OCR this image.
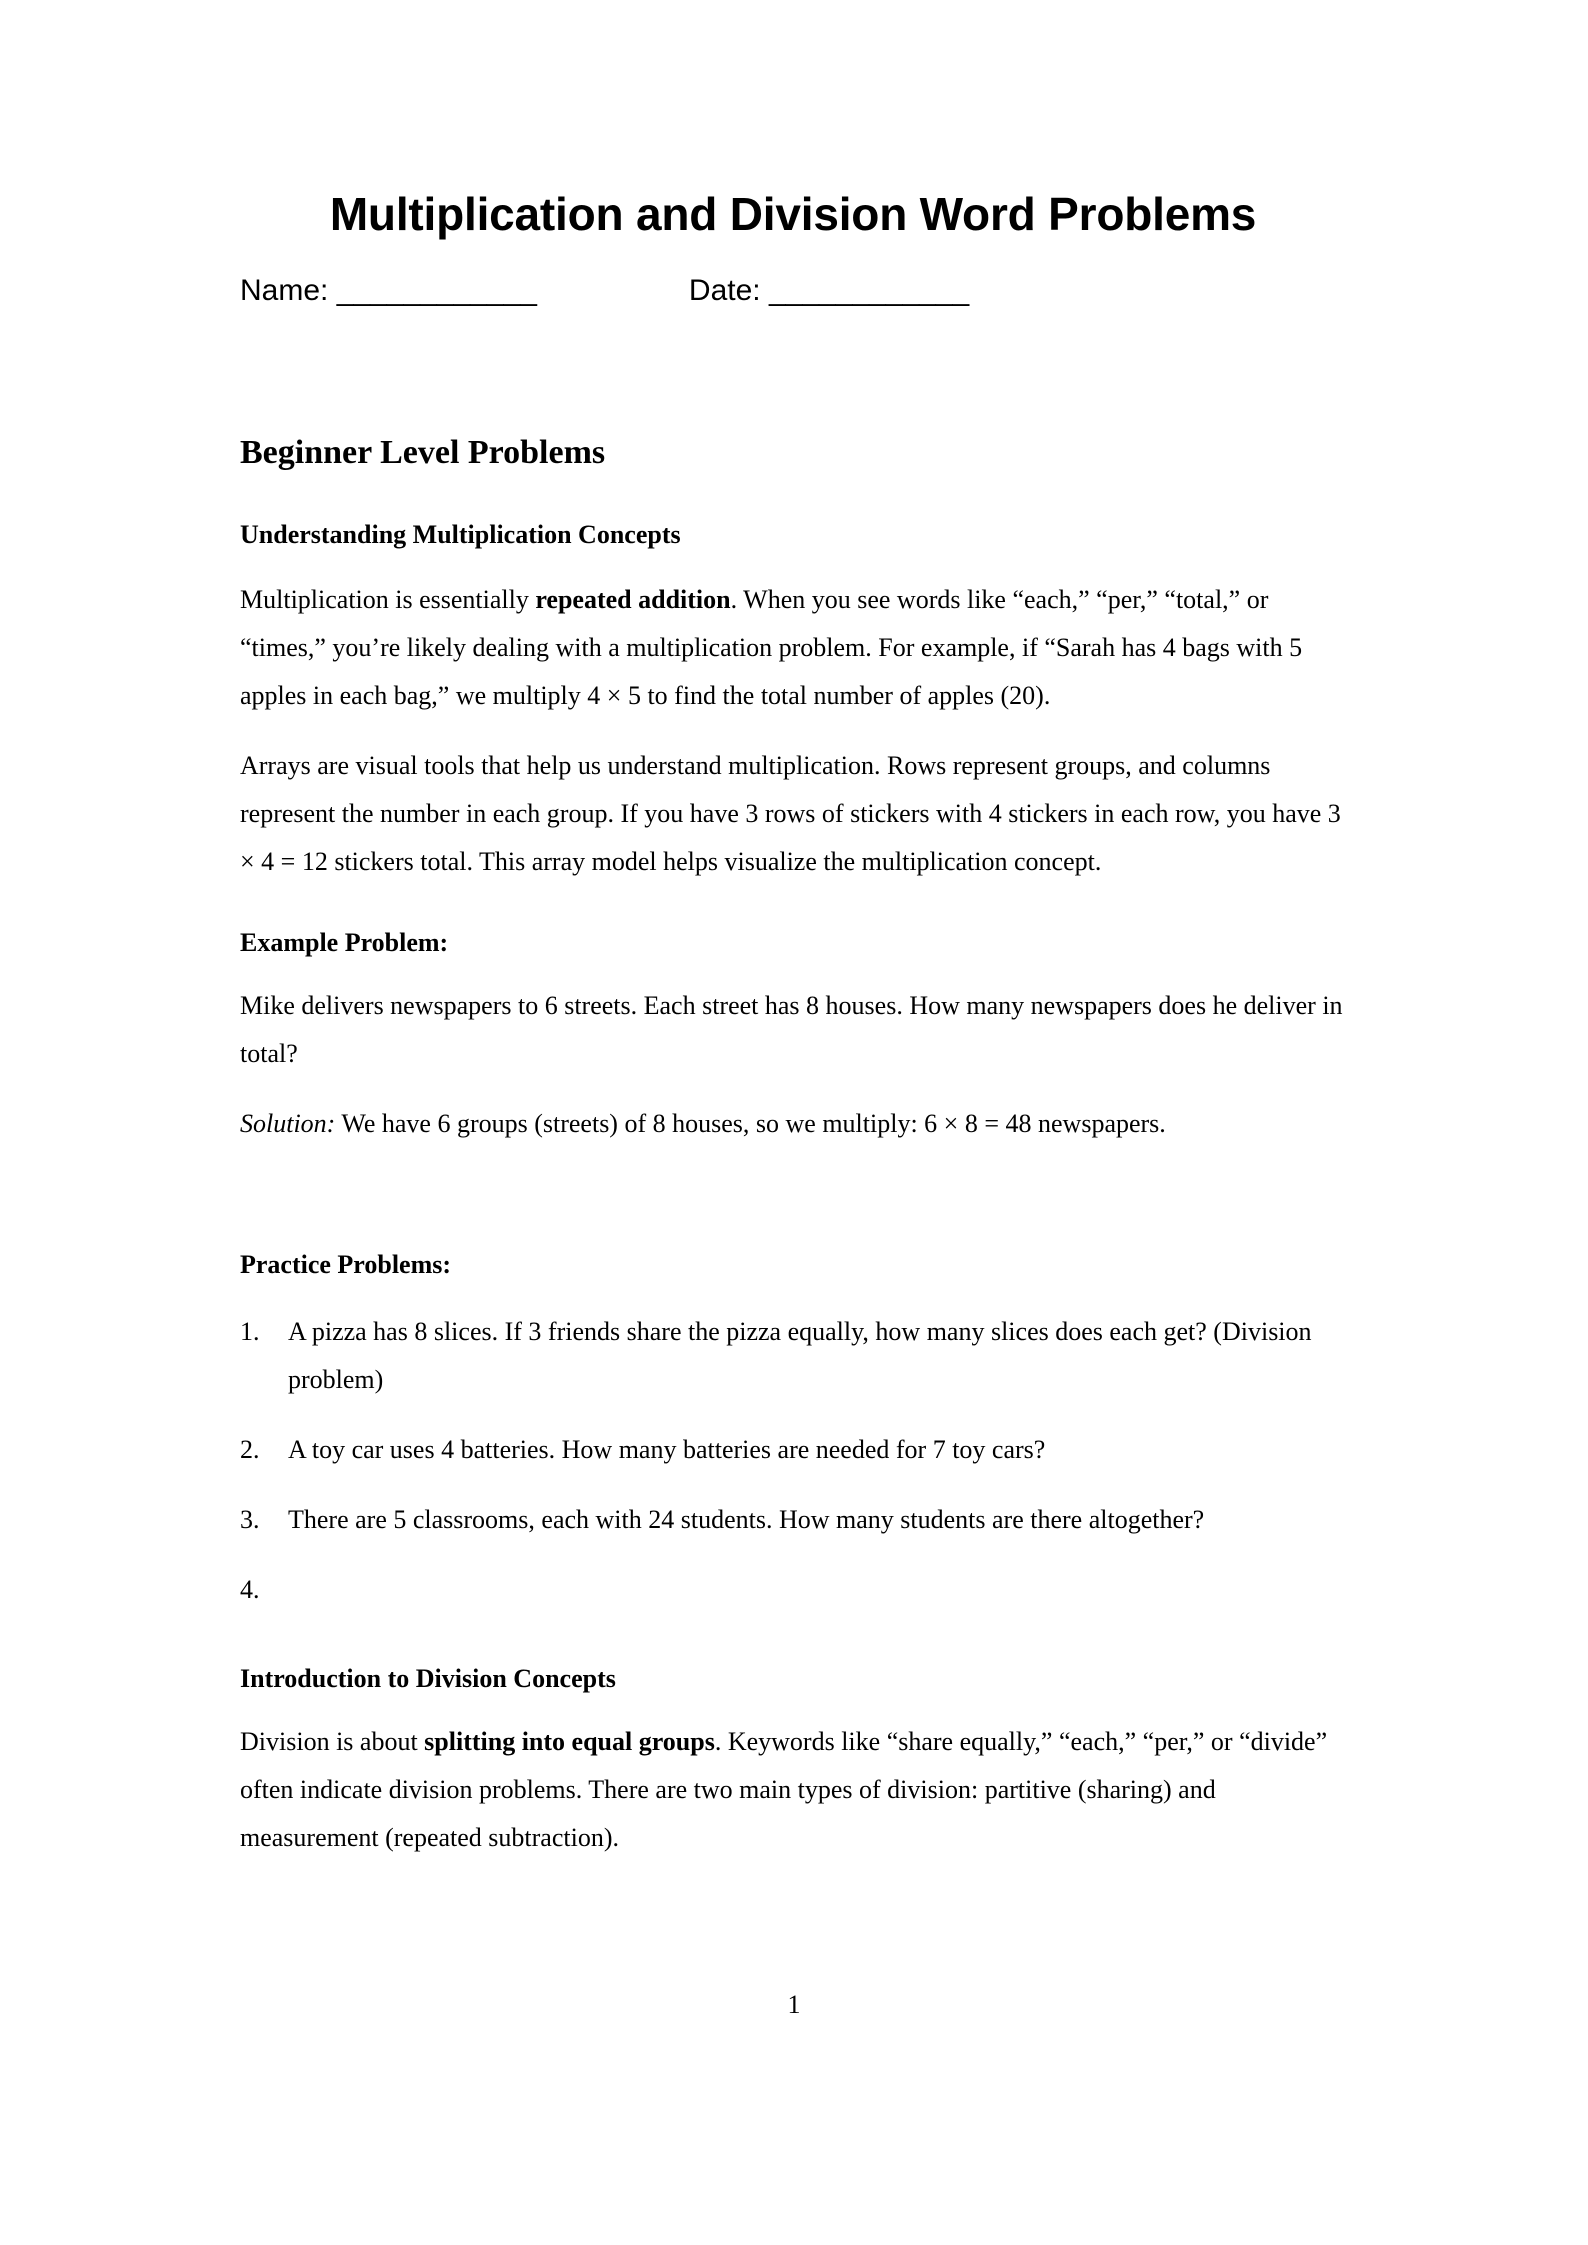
Multiplication and Division Word Problems
Name: ____________	Date: ____________
Beginner Level Problems
Understanding Multiplication Concepts

Multiplication is essentially repeated addition. When you see words like “each,” “per,” “total,” or “times,” you’re likely dealing with a multiplication problem. For example, if “Sarah has 4 bags with 5 apples in each bag,” we multiply 4 × 5 to find the total number of apples (20).

Arrays are visual tools that help us understand multiplication. Rows represent groups, and columns represent the number in each group. If you have 3 rows of stickers with 4 stickers in each row, you have 3 × 4 = 12 stickers total. This array model helps visualize the multiplication concept.

Example Problem:

Mike delivers newspapers to 6 streets. Each street has 8 houses. How many newspapers does he deliver in total?

Solution: We have 6 groups (streets) of 8 houses, so we multiply: 6 × 8 = 48 newspapers.

Practice Problems:
A pizza has 8 slices. If 3 friends share the pizza equally, how many slices does each get? (Division problem)
A toy car uses 4 batteries. How many batteries are needed for 7 toy cars?
There are 5 classrooms, each with 24 students. How many students are there altogether?
Introduction to Division Concepts

Division is about splitting into equal groups. Keywords like “share equally,” “each,” “per,” or “divide” often indicate division problems. There are two main types of division: partitive (sharing) and measurement (repeated subtraction).

1
